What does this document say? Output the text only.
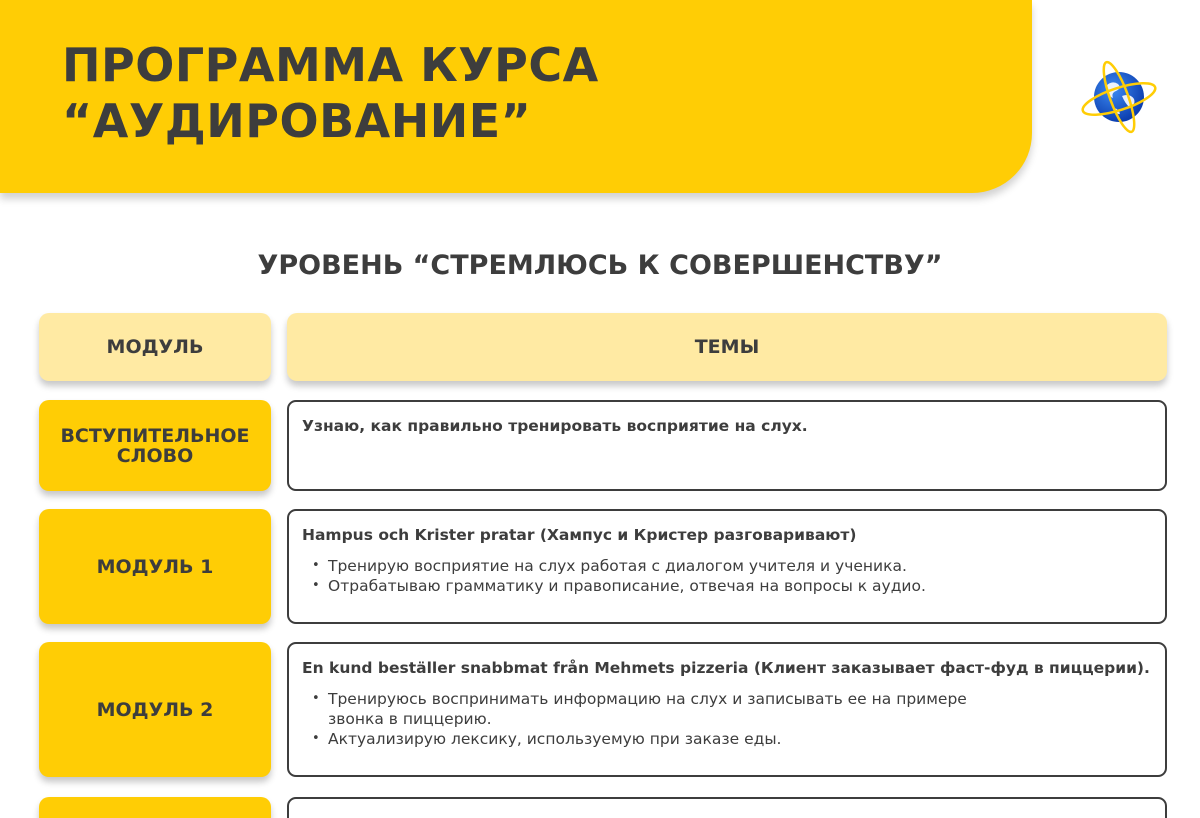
ПРОГРАММА КУРСА
“АУДИРОВАНИЕ”
УРОВЕНЬ “СТРЕМЛЮСЬ К СОВЕРШЕНСТВУ”
МОДУЛЬ	ТЕМЫ
ВСТУПИТЕЛЬНОЕ СЛОВО
Узнаю, как правильно тренировать восприятие на слух.
МОДУЛЬ 1
Hampus och Krister pratar (Хампус и Кристер разговаривают)
• Тренирую восприятие на слух работая с диалогом учителя и ученика.
• Отрабатываю грамматику и правописание, отвечая на вопросы к аудио.
МОДУЛЬ 2
En kund beställer snabbmat från Mehmets pizzeria (Клиент заказывает фаст-фуд в пиццерии).
• Тренируюсь воспринимать информацию на слух и записывать ее на примере звонка в пиццерию.
• Актуализирую лексику, используемую при заказе еды.
